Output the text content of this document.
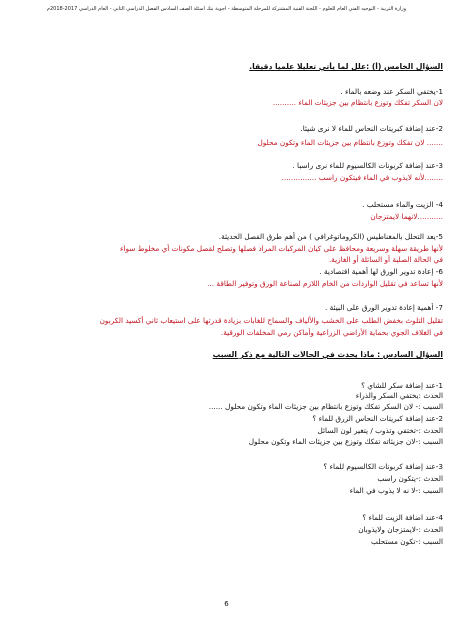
وزارة التربية - التوجيه الفني العام للعلوم - اللجنة الفنية المشتركة للمرحلة المتوسطة - اجوبة بنك أسئلة الصف السادس الفصل الدراسي الثاني - العام الدراسي 2017-2018م
السؤال الخامس (أ) :علل لما يأتي تعليلا علميا دقيقا.
1-يختفي السكر عند وضعه بالماء .
لان السكر تفكك وتوزع بانتظام بين جزيئات الماء ..........
2-عند إضافة كبريتات النحاس للماء لا نرى شيئا.
....... لان تفكك وتوزع بانتظام بين جزيئات الماء وتكون محلول
3-عند إضافة كربونات الكالسيوم للماء نرى راسبا .
........لأنه لايذوب في الماء فيتكون راسب ...............
4- الزيت والماء مستحلب .
...........لانهما لايمتزجان
5-يعد التحلل بالمغناطيس (الكروماتوغرافي ) من أهم طرق الفصل الحديثة.
لأنها طريقة سهلة وسريعة ومحافظ على كيان المركبات المراد فصلها وتصلح لفصل مكونات أي مخلوط سواء
في الحالة الصلبة أو السائلة أو الغازية.
6- إعادة تدوير الورق لها أهمية اقتصادية .
لأنها تساعد في تقليل الواردات من الخام اللازم لصناعة الورق وتوفير الطاقة ...
7- أهمية إعادة تدوير الورق على البيئة .
تقليل التلوث بخفض الطلب على الخشب والألياف والسماح للغابات بزيادة قدرتها على استيعاب ثاني أكسيد الكربون
في الغلاف الجوي بحماية الأراضي الزراعية وأماكن رمي المخلفات الورقية.
السؤال السادس : ماذا يحدث في الحالات التالية مع ذكر السبب
1-عند إضافة سكر للشاي ؟
الحدث :يختفي السكر والذراء
السبب :- لان السكر تفكك وتوزع بانتظام بين جزيئات الماء وتكون محلول ......
2-عند إضافة كبريتات النحاس الزرق للماء ؟
الحدث :-تختفي وتذوب / يتغير لون السائل
السبب :-لان جزيئاته تفكك وتوزع بين جزيئات الماء وتكون محلول
3-عند إضافة كربونات الكالسيوم للماء ؟
الحدث :-يتكون راسب
السبب :-لا نه لا يذوب في الماء
4-عند اضافة الزيت للماء ؟
الحدث :-لايمتزجان ولايذوبان
السبب :-تكون مستحلب
6
